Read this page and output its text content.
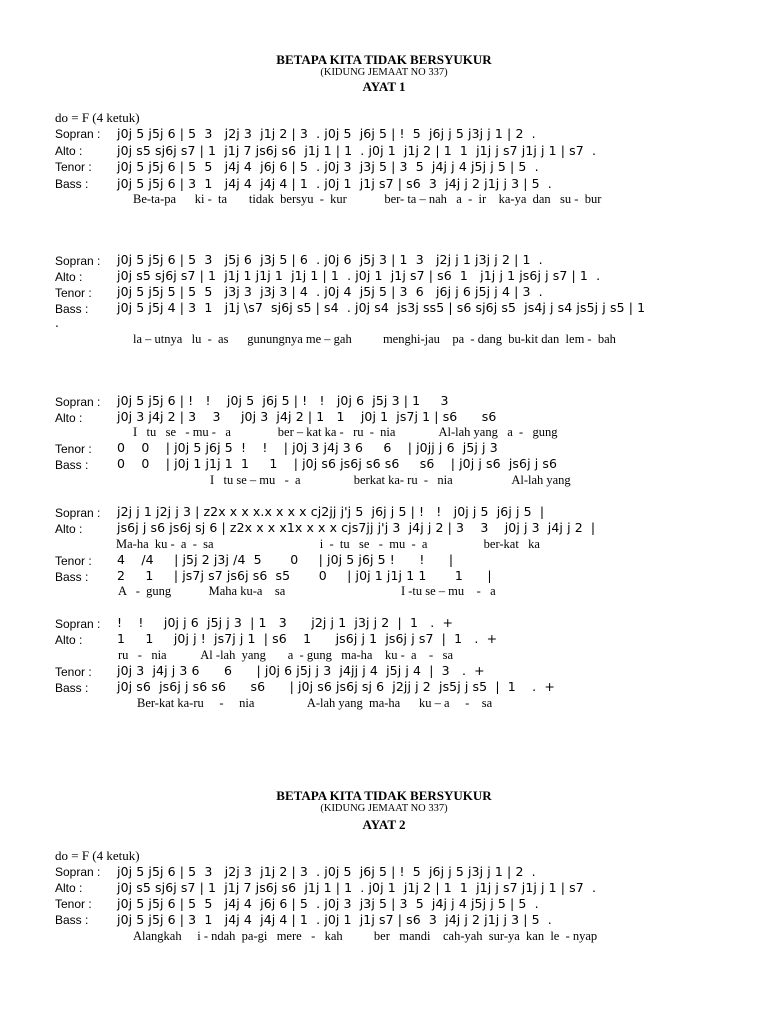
BETAPA KITA TIDAK BERSYUKUR
(KIDUNG JEMAAT NO 337)
AYAT 1
do = F (4 ketuk)
Sopran : j0j 5 j5j 6 | 5  3   j2j 3  j1j 2 | 3  . j0j 5  j6j 5 | !  5  j6j j 5 j3j j 1 | 2  .
Alto :	j0j s5 sj6j s7 | 1  j1j 7 js6j s6  j1j 1 | 1  . j0j 1  j1j 2 | 1  1  j1j j s7 j1j j 1 | s7  .
Tenor : j0j 5 j5j 6 | 5  5   j4j 4  j6j 6 | 5  . j0j 3  j3j 5 | 3  5  j4j j 4 j5j j 5 | 5  .
Bass : j0j 5 j5j 6 | 3  1   j4j 4  j4j 4 | 1  . j0j 1  j1j s7 | s6  3  j4j j 2 j1j j 3 | 5  .
Be-ta-pa      ki -  ta       tidak  bersyu  -  kur            ber- ta – nah   a  -  ir    ka-ya  dan   su -  bur
Sopran : j0j 5 j5j 6 | 5  3   j5j 6  j3j 5 | 6  . j0j 6  j5j 3 | 1  3   j2j j 1 j3j j 2 | 1  .
Alto :	j0j s5 sj6j s7 | 1  j1j 1 j1j 1  j1j 1 | 1  . j0j 1  j1j s7 | s6  1   j1j j 1 js6j j s7 | 1  .
Tenor : j0j 5 j5j 5 | 5  5   j3j 3  j3j 3 | 4  . j0j 4  j5j 5 | 3  6   j6j j 6 j5j j 4 | 3  .
Bass : j0j 5 j5j 4 | 3  1   j1j \s7  sj6j s5 | s4  . j0j s4  js3j ss5 | s6 sj6j s5  js4j j s4 js5j j s5 | 1
.
la – utnya   lu  -  as      gunungnya me – gah          menghi-jau    pa  - dang  bu-kit dan  lem -  bah
Sopran : j0j 5 j5j 6 | !   !    j0j 5  j6j 5 | !   !   j0j 6  j5j 3 | 1     3
Alto :	j0j 3 j4j 2 | 3    3     j0j 3  j4j 2 | 1   1    j0j 1  js7j 1 | s6      s6
I   tu   se   - mu -   a               ber – kat ka -   ru  -  nia              Al-lah yang   a  -   gung
Tenor : 0    0    | j0j 5 j6j 5  !    !    | j0j 3 j4j 3 6     6    | j0jj j 6  j5j j 3
Bass : 0    0    | j0j 1 j1j 1  1     1    | j0j s6 js6j s6 s6     s6    | j0j j s6  js6j j s6
I   tu se – mu   -  a                 berkat ka- ru  -   nia                   Al-lah yang
Sopran : j2j j 1 j2j j 3 | z2x x x x.x x x x cj2jj j'j 5  j6j j 5 | !   !   j0j j 5  j6j j 5  |
Alto :	js6j j s6 js6j sj 6 | z2x x x x1x x x x cjs7jj j'j 3  j4j j 2 | 3    3    j0j j 3  j4j j 2  |
Ma-ha  ku -  a  -  sa                                  i  -  tu   se   -  mu  -  a                  ber-kat   ka
Tenor : 4    /4     | j5j 2 j3j /4  5       0     | j0j 5 j6j 5 !      !      |
Bass : 2     1     | js7j s7 js6j s6  s5       0     | j0j 1 j1j 1 1       1      |
A   -  gung            Maha ku-a    sa                                     I -tu se – mu    -   a
Sopran : !    !     j0j j 6  j5j j 3  | 1   3      j2j j 1  j3j j 2  |  1   .  +
Alto :	1     1     j0j j !  js7j j 1  | s6    1      js6j j 1  js6j j s7  |  1   .  +
ru   -   nia           Al -lah  yang       a  - gung   ma-ha    ku -  a    -   sa
Tenor : j0j 3  j4j j 3 6      6      | j0j 6 j5j j 3  j4jj j 4  j5j j 4  |  3   .  +
Bass : j0j s6  js6j j s6 s6      s6      | j0j s6 js6j sj 6  j2jj j 2  js5j j s5  |  1    .  +
Ber-kat ka-ru     -     nia                 A-lah yang  ma-ha      ku – a     -    sa
BETAPA KITA TIDAK BERSYUKUR
(KIDUNG JEMAAT NO 337)
AYAT 2
do = F (4 ketuk)
Sopran : j0j 5 j5j 6 | 5  3   j2j 3  j1j 2 | 3  . j0j 5  j6j 5 | !  5  j6j j 5 j3j j 1 | 2  .
Alto :	j0j s5 sj6j s7 | 1  j1j 7 js6j s6  j1j 1 | 1  . j0j 1  j1j 2 | 1  1  j1j j s7 j1j j 1 | s7  .
Tenor : j0j 5 j5j 6 | 5  5   j4j 4  j6j 6 | 5  . j0j 3  j3j 5 | 3  5  j4j j 4 j5j j 5 | 5  .
Bass : j0j 5 j5j 6 | 3  1   j4j 4  j4j 4 | 1  . j0j 1  j1j s7 | s6  3  j4j j 2 j1j j 3 | 5  .
Alangkah     i - ndah  pa-gi   mere   -   kah          ber   mandi    cah-yah  sur-ya  kan  le  - nyap
